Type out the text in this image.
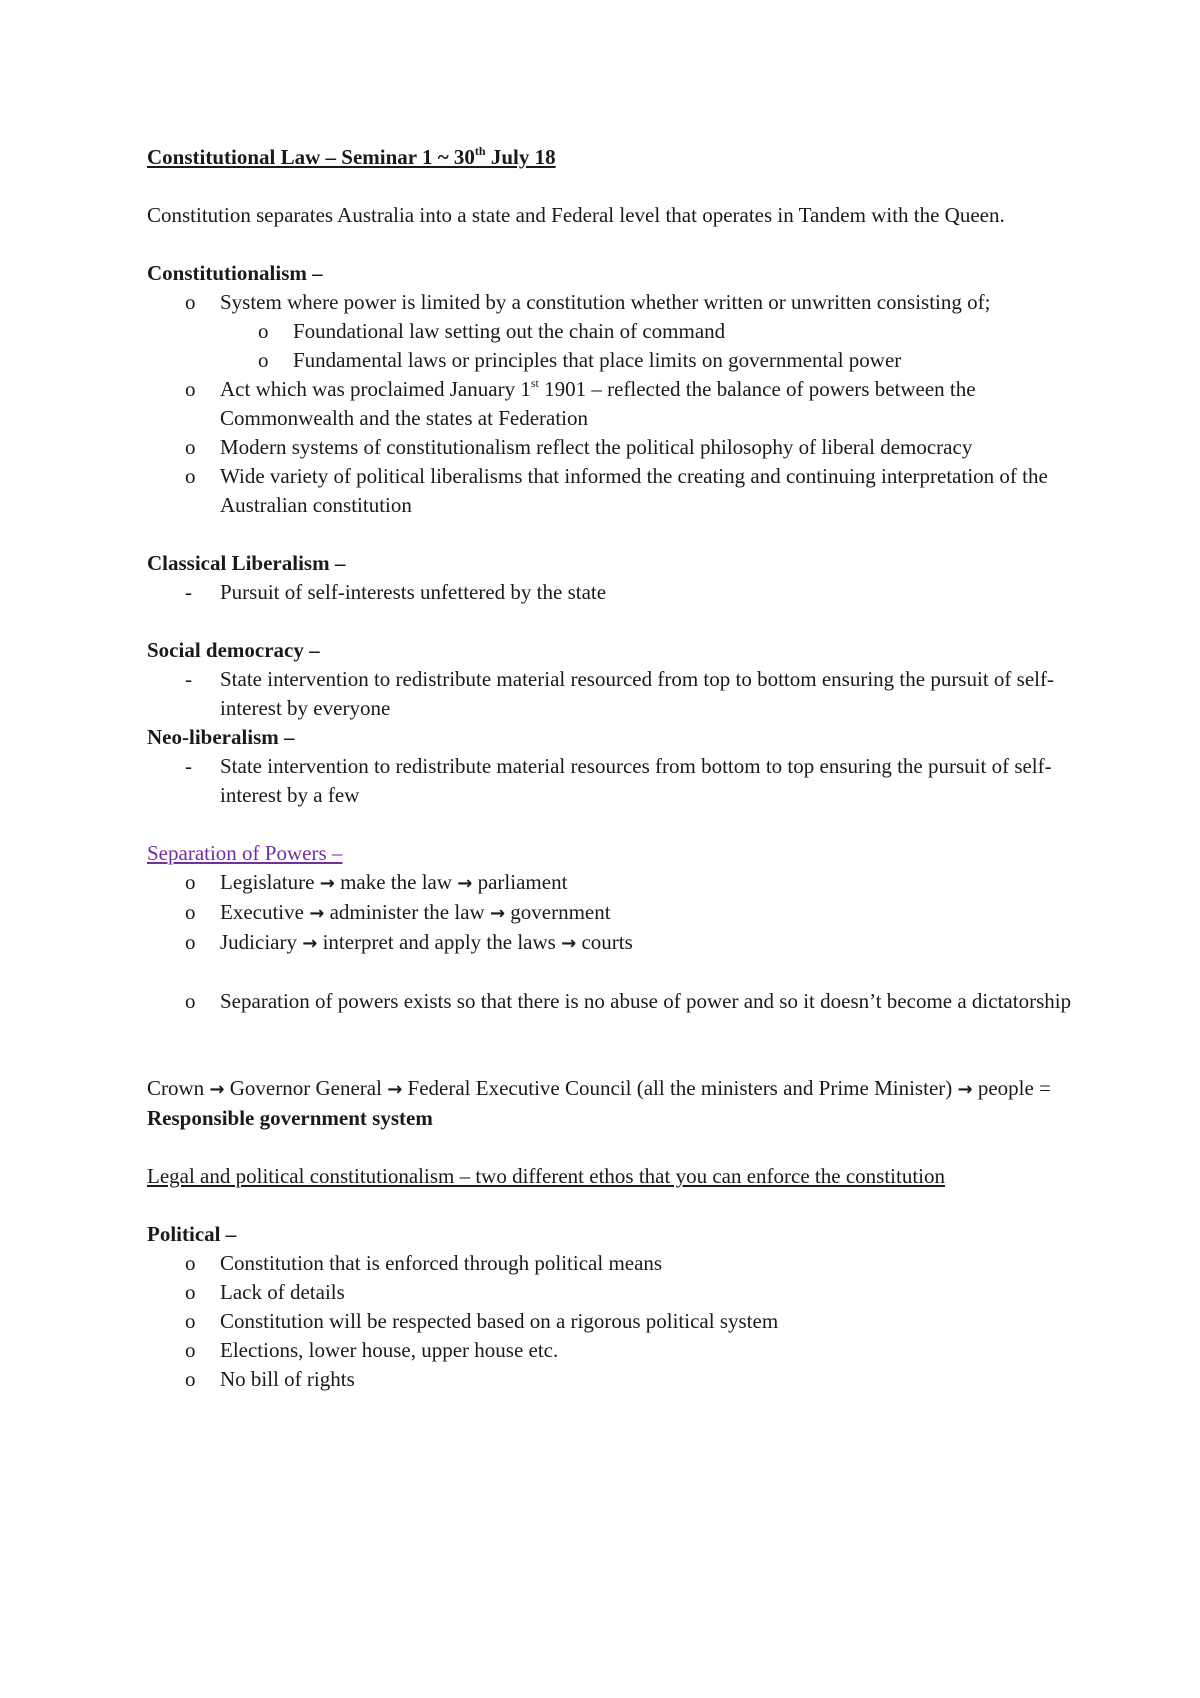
Constitutional Law – Seminar 1 ~ 30th July 18

Constitution separates Australia into a state and Federal level that operates in Tandem with the Queen.

Constitutionalism –

o System where power is limited by a constitution whether written or unwritten consisting of;
o Foundational law setting out the chain of command
o Fundamental laws or principles that place limits on governmental power
o Act which was proclaimed January 1st 1901 – reflected the balance of powers between the Commonwealth and the states at Federation
o Modern systems of constitutionalism reflect the political philosophy of liberal democracy
o Wide variety of political liberalisms that informed the creating and continuing interpretation of the Australian constitution

Classical Liberalism –

- Pursuit of self-interests unfettered by the state

Social democracy –

- State intervention to redistribute material resourced from top to bottom ensuring the pursuit of self-interest by everyone

Neo-liberalism –

- State intervention to redistribute material resources from bottom to top ensuring the pursuit of self-interest by a few

Separation of Powers –

o Legislature → make the law → parliament
o Executive → administer the law → government
o Judiciary → interpret and apply the laws → courts
o Separation of powers exists so that there is no abuse of power and so it doesn’t become a dictatorship

Crown → Governor General → Federal Executive Council (all the ministers and Prime Minister) → people = Responsible government system

Legal and political constitutionalism – two different ethos that you can enforce the constitution

Political –

o Constitution that is enforced through political means
o Lack of details
o Constitution will be respected based on a rigorous political system
o Elections, lower house, upper house etc.
o No bill of rights
